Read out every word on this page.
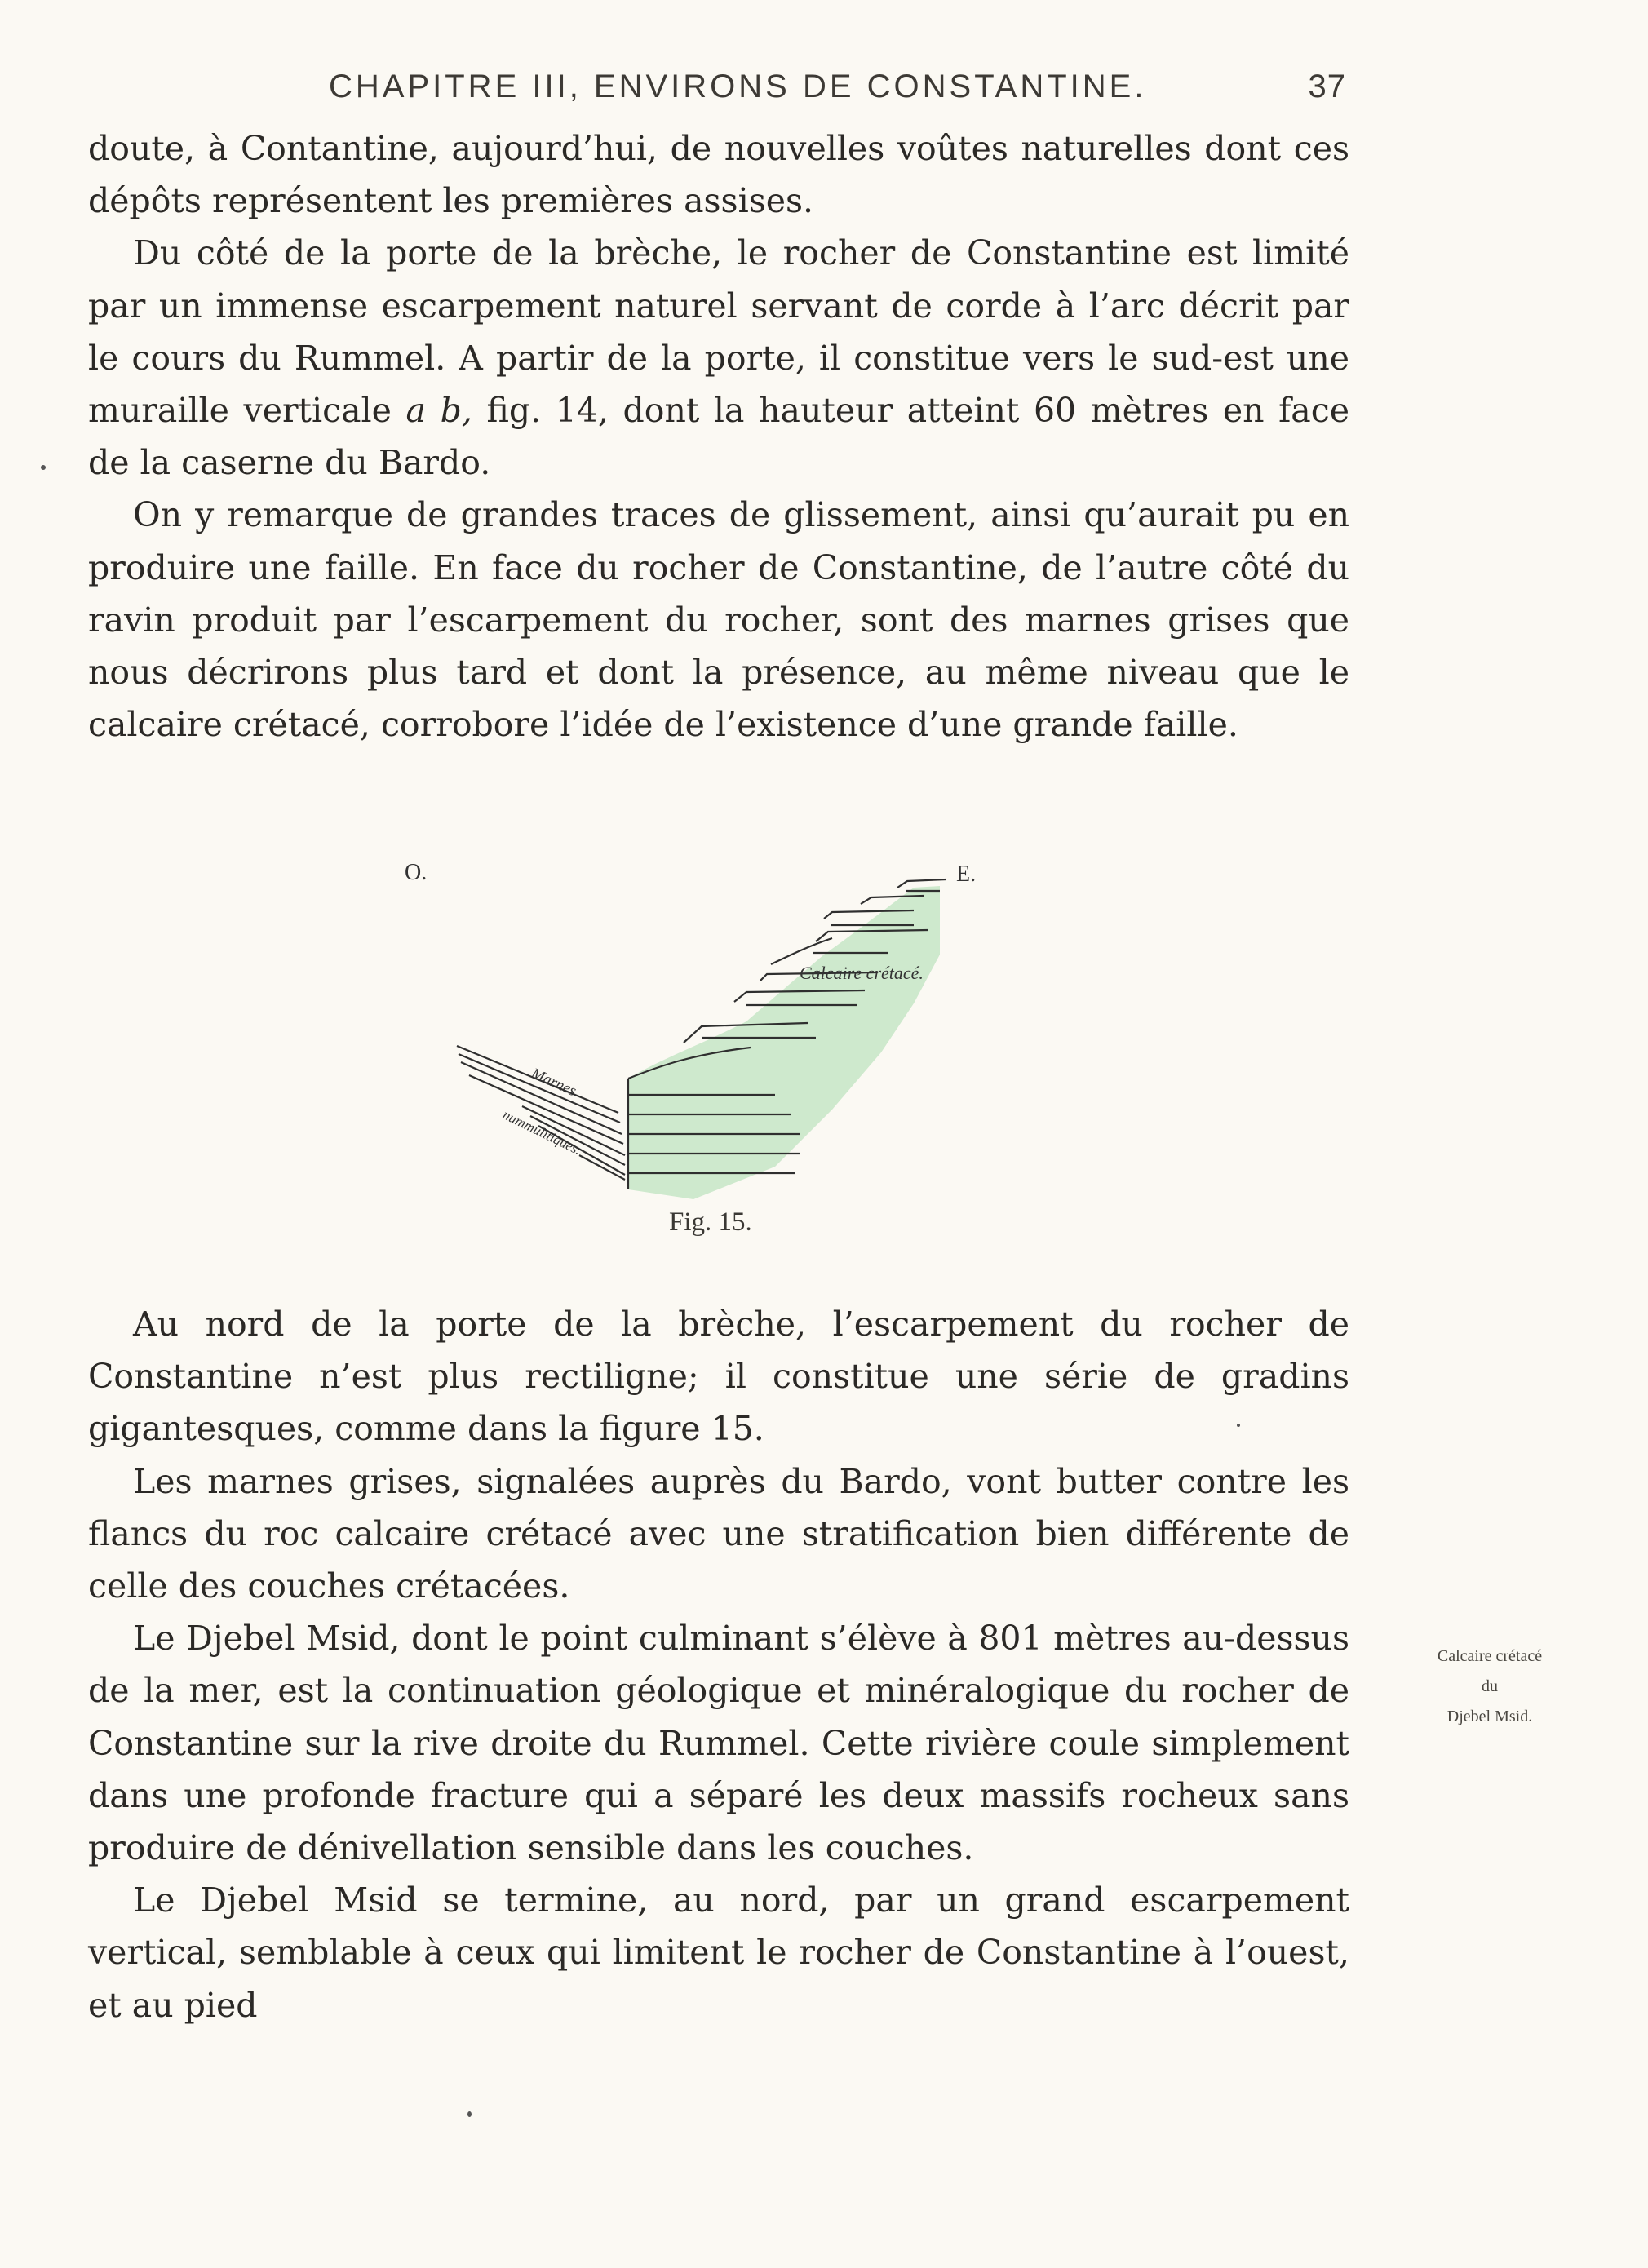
CHAPITRE III, ENVIRONS DE CONSTANTINE.	37

doute, à Contantine, aujourd’hui, de nouvelles voûtes naturelles dont ces dépôts représentent les premières assises.

Du côté de la porte de la brèche, le rocher de Constantine est limité par un immense escarpement naturel servant de corde à l’arc décrit par le cours du Rummel. A partir de la porte, il constitue vers le sud-est une muraille verticale a b, fig. 14, dont la hauteur atteint 60 mètres en face de la caserne du Bardo.

On y remarque de grandes traces de glissement, ainsi qu’aurait pu en produire une faille. En face du rocher de Constantine, de l’autre côté du ravin produit par l’escarpement du rocher, sont des marnes grises que nous décrirons plus tard et dont la présence, au même niveau que le calcaire crétacé, corrobore l’idée de l’existence d’une grande faille.

O.	E.
Calcaire crétacé.
Marnes
nummulitiques.
Fig. 15.

Au nord de la porte de la brèche, l’escarpement du rocher de Constantine n’est plus rectiligne; il constitue une série de gradins gigantesques, comme dans la figure 15.

Les marnes grises, signalées auprès du Bardo, vont butter contre les flancs du roc calcaire crétacé avec une stratification bien différente de celle des couches crétacées.

Le Djebel Msid, dont le point culminant s’élève à 801 mètres au-dessus de la mer, est la continuation géologique et minéralogique du rocher de Constantine sur la rive droite du Rummel. Cette rivière coule simplement dans une profonde fracture qui a séparé les deux massifs rocheux sans produire de dénivellation sensible dans les couches.

Le Djebel Msid se termine, au nord, par un grand escarpement vertical, semblable à ceux qui limitent le rocher de Constantine à l’ouest, et au pied

Calcaire crétacé
du
Djebel Msid.
